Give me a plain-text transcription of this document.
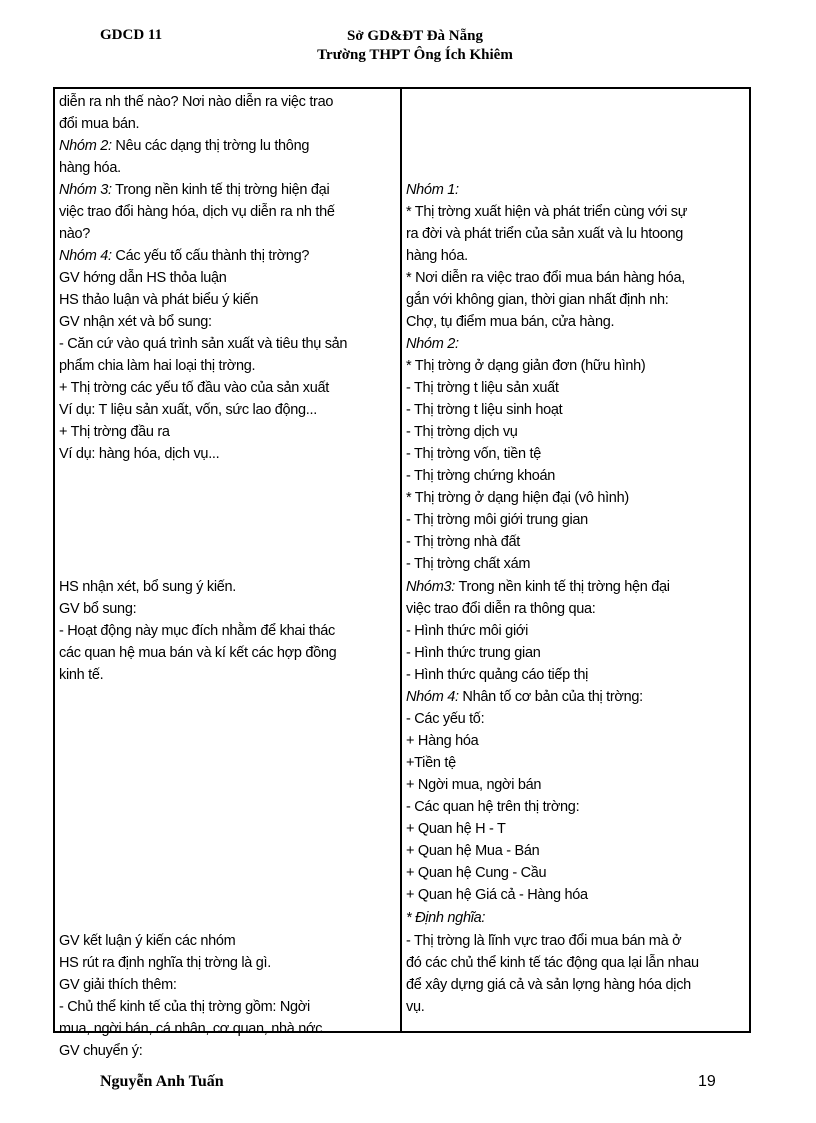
GDCD 11	Sở GD&ĐT Đà Nẵng
Trường THPT Ông Ích Khiêm
diễn ra nh thế nào? Nơi nào diễn ra việc trao
đổi mua bán.
Nhóm 2: Nêu các dạng thị trờng lu thông
hàng hóa.
Nhóm 3: Trong nền kinh tế thị trờng hiện đại
việc trao đổi hàng hóa, dịch vụ diễn ra nh thế
nào?
Nhóm 4: Các yếu tố cấu thành thị trờng?
GV hớng dẫn HS thỏa luận
HS thảo luận và phát biểu ý kiến
GV nhận xét và bổ sung:
- Căn cứ vào quá trình sản xuất và tiêu thụ sản
phẩm chia làm hai loại thị trờng.
+ Thị trờng các yếu tố đầu vào của sản xuất
Ví dụ: T liệu sản xuất, vốn, sức lao động...
+ Thị trờng đầu ra
Ví dụ: hàng hóa, dịch vụ...
HS nhận xét, bổ sung ý kiến.
GV bổ sung:
- Hoạt động này mục đích nhằm để khai thác
các quan hệ mua bán và kí kết các hợp đồng
kinh tế.
GV kết luận ý kiến các nhóm
HS rút ra định nghĩa thị trờng là gì.
GV giải thích thêm:
- Chủ thể kinh tế của thị trờng gồm: Ngời
mua, ngời bán, cá nhân, cơ quan, nhà nớc.
GV chuyển ý:
Nhóm 1:
* Thị trờng xuất hiện và phát triển cùng với sự
ra đời và phát triển của sản xuất và lu htoong
hàng hóa.
* Nơi diễn ra việc trao đổi mua bán hàng hóa,
gắn với không gian, thời gian nhất định nh:
Chợ, tụ điểm mua bán, cửa hàng.
Nhóm 2:
* Thị trờng ở dạng giản đơn (hữu hình)
- Thị trờng t liệu sản xuất
- Thị trờng t liệu sinh hoạt
- Thị trờng dịch vụ
- Thị trờng vốn, tiền tệ
- Thị trờng chứng khoán
* Thị trờng ở dạng hiện đại (vô hình)
- Thị trờng môi giới trung gian
- Thị trờng nhà đất
- Thị trờng chất xám
Nhóm3: Trong nền kinh tế thị trờng hện đại
việc trao đổi diễn ra thông qua:
- Hình thức môi giới
- Hình thức trung gian
- Hình thức quảng cáo tiếp thị
Nhóm 4: Nhân tố cơ bản của thị trờng:
- Các yếu tố:
+ Hàng hóa
+Tiền tệ
+ Ngời mua, ngời bán
- Các quan hệ trên thị trờng:
+ Quan hệ H - T
+ Quan hệ Mua - Bán
+ Quan hệ Cung - Cầu
+ Quan hệ Giá cả - Hàng hóa
* Định nghĩa:
- Thị trờng là lĩnh vực trao đổi mua bán mà ở
đó các chủ thể kinh tế tác động qua lại lẫn nhau
để xây dựng giá cả và sản lợng hàng hóa dịch
vụ.
Nguyễn Anh Tuấn	19
